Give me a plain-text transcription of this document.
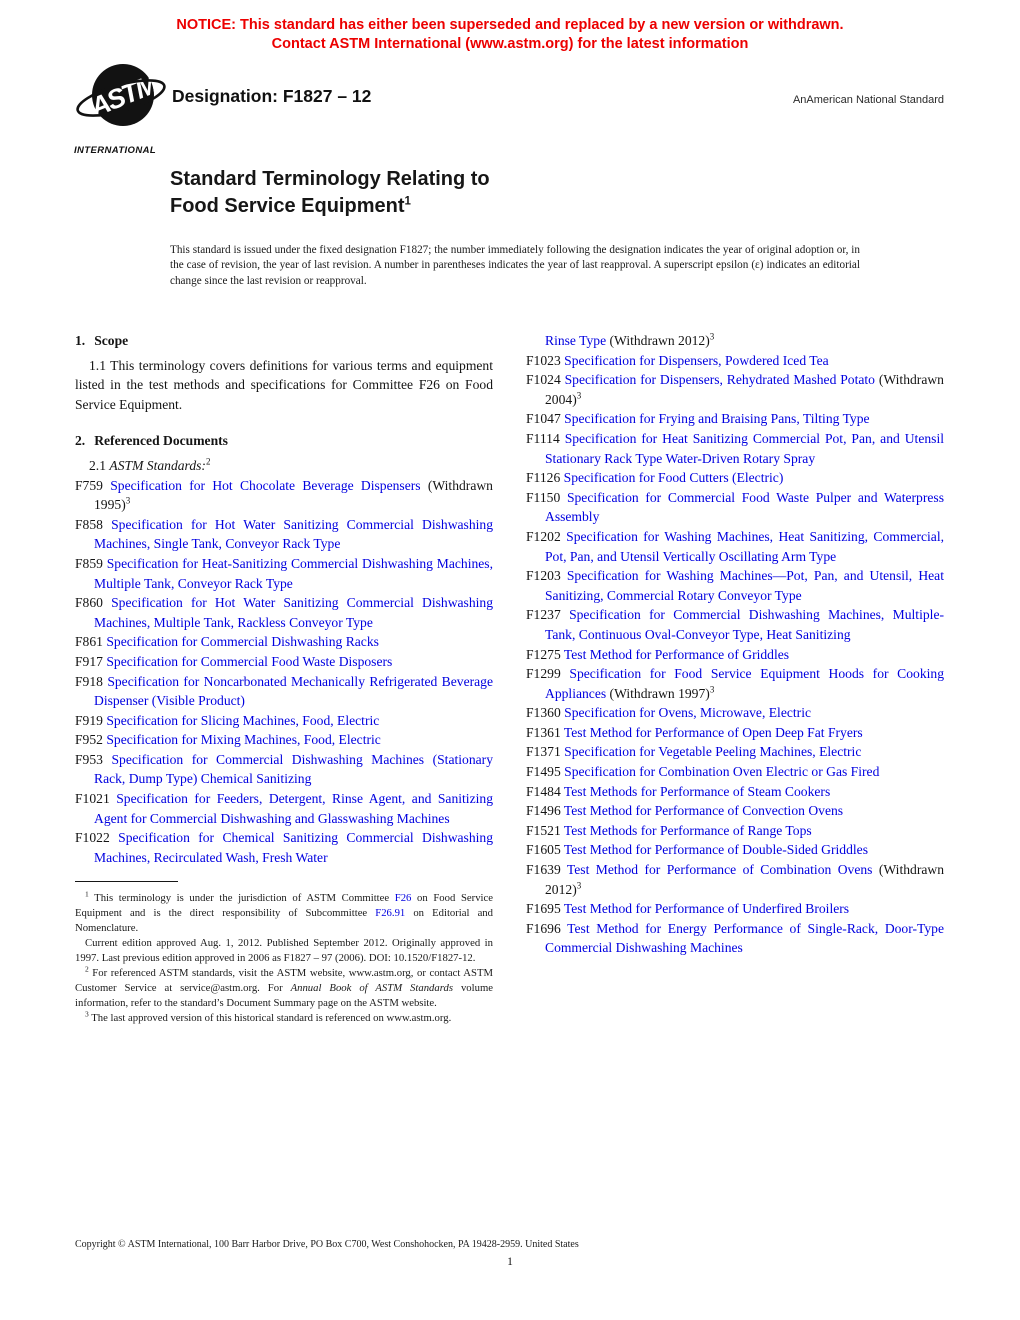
NOTICE: This standard has either been superseded and replaced by a new version or withdrawn.
Contact ASTM International (www.astm.org) for the latest information
ASTM
INTERNATIONAL
Designation: F1827 – 12	AnAmerican National Standard
Standard Terminology Relating to
Food Service Equipment$^1$
This standard is issued under the fixed designation F1827; the number immediately following the designation indicates the year of original adoption or, in the case of revision, the year of last revision. A number in parentheses indicates the year of last reapproval. A superscript epsilon (ε) indicates an editorial change since the last revision or reapproval.

1. Scope

1.1 This terminology covers definitions for various terms and equipment listed in the test methods and specifications for Committee F26 on Food Service Equipment.

2. Referenced Documents

2.1 ASTM Standards:$^2$

F759 Specification for Hot Chocolate Beverage Dispensers (Withdrawn 1995)$^3$

F858 Specification for Hot Water Sanitizing Commercial Dishwashing Machines, Single Tank, Conveyor Rack Type

F859 Specification for Heat-Sanitizing Commercial Dishwashing Machines, Multiple Tank, Conveyor Rack Type

F860 Specification for Hot Water Sanitizing Commercial Dishwashing Machines, Multiple Tank, Rackless Conveyor Type

F861 Specification for Commercial Dishwashing Racks

F917 Specification for Commercial Food Waste Disposers

F918 Specification for Noncarbonated Mechanically Refrigerated Beverage Dispenser (Visible Product)

F919 Specification for Slicing Machines, Food, Electric

F952 Specification for Mixing Machines, Food, Electric

F953 Specification for Commercial Dishwashing Machines (Stationary Rack, Dump Type) Chemical Sanitizing

F1021 Specification for Feeders, Detergent, Rinse Agent, and Sanitizing Agent for Commercial Dishwashing and Glasswashing Machines

F1022 Specification for Chemical Sanitizing Commercial Dishwashing Machines, Recirculated Wash, Fresh Water

$^1$ This terminology is under the jurisdiction of ASTM Committee F26 on Food Service Equipment and is the direct responsibility of Subcommittee F26.91 on Editorial and Nomenclature.

Current edition approved Aug. 1, 2012. Published September 2012. Originally approved in 1997. Last previous edition approved in 2006 as F1827 – 97 (2006). DOI: 10.1520/F1827-12.

$^2$ For referenced ASTM standards, visit the ASTM website, www.astm.org, or contact ASTM Customer Service at service@astm.org. For Annual Book of ASTM Standards volume information, refer to the standard’s Document Summary page on the ASTM website.

$^3$ The last approved version of this historical standard is referenced on www.astm.org.

Rinse Type (Withdrawn 2012)$^3$

F1023 Specification for Dispensers, Powdered Iced Tea

F1024 Specification for Dispensers, Rehydrated Mashed Potato (Withdrawn 2004)$^3$

F1047 Specification for Frying and Braising Pans, Tilting Type

F1114 Specification for Heat Sanitizing Commercial Pot, Pan, and Utensil Stationary Rack Type Water-Driven Rotary Spray

F1126 Specification for Food Cutters (Electric)

F1150 Specification for Commercial Food Waste Pulper and Waterpress Assembly

F1202 Specification for Washing Machines, Heat Sanitizing, Commercial, Pot, Pan, and Utensil Vertically Oscillating Arm Type

F1203 Specification for Washing Machines—Pot, Pan, and Utensil, Heat Sanitizing, Commercial Rotary Conveyor Type

F1237 Specification for Commercial Dishwashing Machines, Multiple-Tank, Continuous Oval-Conveyor Type, Heat Sanitizing

F1275 Test Method for Performance of Griddles

F1299 Specification for Food Service Equipment Hoods for Cooking Appliances (Withdrawn 1997)$^3$

F1360 Specification for Ovens, Microwave, Electric

F1361 Test Method for Performance of Open Deep Fat Fryers

F1371 Specification for Vegetable Peeling Machines, Electric

F1495 Specification for Combination Oven Electric or Gas Fired

F1484 Test Methods for Performance of Steam Cookers

F1496 Test Method for Performance of Convection Ovens

F1521 Test Methods for Performance of Range Tops

F1605 Test Method for Performance of Double-Sided Griddles

F1639 Test Method for Performance of Combination Ovens (Withdrawn 2012)$^3$

F1695 Test Method for Performance of Underfired Broilers

F1696 Test Method for Energy Performance of Single-Rack, Door-Type Commercial Dishwashing Machines

Copyright © ASTM International, 100 Barr Harbor Drive, PO Box C700, West Conshohocken, PA 19428-2959. United States
1
